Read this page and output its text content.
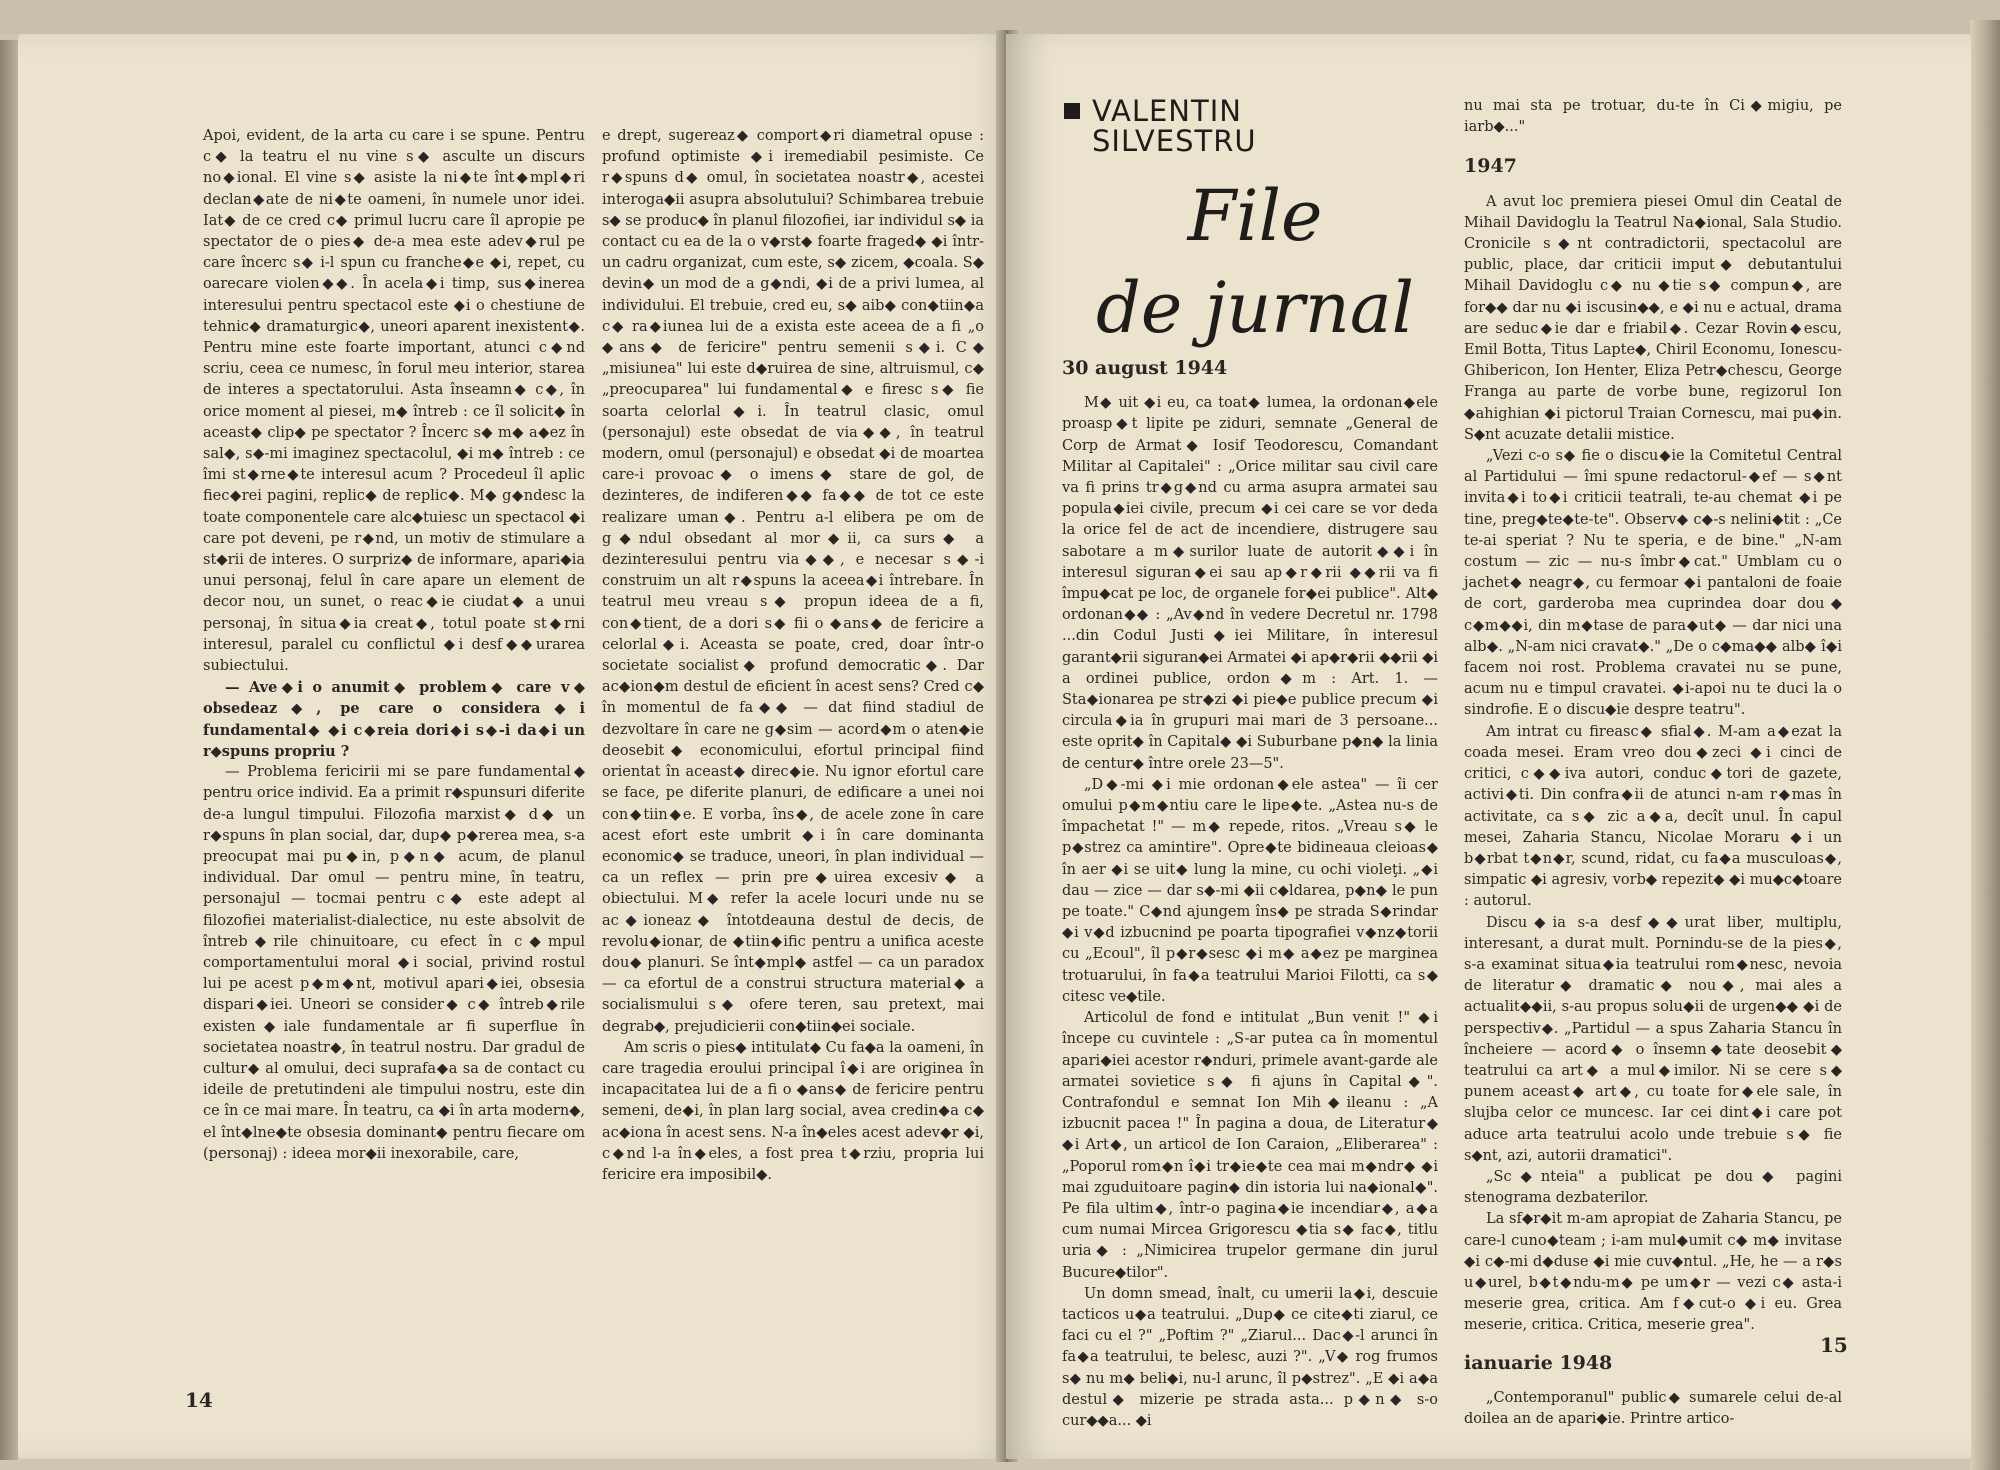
Apoi, evident, de la arta cu care i se spune. Pentru c◆ la teatru el nu vine s◆ asculte un discurs no◆ional. El vine s◆ asiste la ni◆te înt◆mpl◆ri declan◆ate de ni◆te oameni, în numele unor idei. Iat◆ de ce cred c◆ primul lucru care îl apropie pe spectator de o pies◆ de-a mea este adev◆rul pe care încerc s◆ i-l spun cu franche◆e ◆i, repet, cu oarecare violen◆◆. În acela◆i timp, sus◆inerea interesului pentru spectacol este ◆i o chestiune de tehnic◆ dramaturgic◆, uneori aparent inexistent◆. Pentru mine este foarte important, atunci c◆nd scriu, ceea ce numesc, în forul meu interior, starea de interes a spectatorului. Asta înseamn◆ c◆, în orice moment al piesei, m◆ întreb : ce îl solicit◆ în aceast◆ clip◆ pe spectator ? Încerc s◆ m◆ a◆ez în sal◆, s◆-mi imaginez spectacolul, ◆i m◆ întreb : ce îmi st◆rne◆te interesul acum ? Procedeul îl aplic fiec◆rei pagini, replic◆ de replic◆. M◆ g◆ndesc la toate componentele care alc◆tuiesc un spectacol ◆i care pot deveni, pe r◆nd, un motiv de stimulare a st◆rii de interes. O surpriz◆ de informare, apari◆ia unui personaj, felul în care apare un element de decor nou, un sunet, o reac◆ie ciudat◆ a unui personaj, în situa◆ia creat◆, totul poate st◆rni interesul, paralel cu conflictul ◆i desf◆◆urarea subiectului.

— Ave◆i o anumit◆ problem◆ care v◆ obsedeaz◆, pe care o considera◆i fundamental◆ ◆i c◆reia dori◆i s◆-i da◆i un r◆spuns propriu ?

— Problema fericirii mi se pare fundamental◆ pentru orice individ. Ea a primit r◆spunsuri diferite de-a lungul timpului. Filozofia marxist◆ d◆ un r◆spuns în plan social, dar, dup◆ p◆rerea mea, s-a preocupat mai pu◆in, p◆n◆ acum, de planul individual. Dar omul — pentru mine, în teatru, personajul — tocmai pentru c◆ este adept al filozofiei materialist-dialectice, nu este absolvit de întreb◆rile chinuitoare, cu efect în c◆mpul comportamentului moral ◆i social, privind rostul lui pe acest p◆m◆nt, motivul apari◆iei, obsesia dispari◆iei. Uneori se consider◆ c◆ întreb◆rile existen◆iale fundamentale ar fi superflue în societatea noastr◆, în teatrul nostru. Dar gradul de cultur◆ al omului, deci suprafa◆a sa de contact cu ideile de pretutindeni ale timpului nostru, este din ce în ce mai mare. În teatru, ca ◆i în arta modern◆, el înt◆lne◆te obsesia dominant◆ pentru fiecare om (personaj) : ideea mor◆ii inexorabile, care,

e drept, sugereaz◆ comport◆ri diametral opuse : profund optimiste ◆i iremediabil pesimiste. Ce r◆spuns d◆ omul, în societatea noastr◆, acestei interoga◆ii asupra absolutului? Schimbarea trebuie s◆ se produc◆ în planul filozofiei, iar individul s◆ ia contact cu ea de la o v◆rst◆ foarte fraged◆ ◆i într-un cadru organizat, cum este, s◆ zicem, ◆coala. S◆ devin◆ un mod de a g◆ndi, ◆i de a privi lumea, al individului. El trebuie, cred eu, s◆ aib◆ con◆tiin◆a c◆ ra◆iunea lui de a exista este aceea de a fi „o ◆ans◆ de fericire" pentru semenii s◆i. C◆ „misiunea" lui este d◆ruirea de sine, altruismul, c◆ „preocuparea" lui fundamental◆ e firesc s◆ fie soarta celorlal◆i. În teatrul clasic, omul (personajul) este obsedat de via◆◆, în teatrul modern, omul (personajul) e obsedat ◆i de moartea care-i provoac◆ o imens◆ stare de gol, de dezinteres, de indiferen◆◆ fa◆◆ de tot ce este realizare uman◆. Pentru a-l elibera pe om de g◆ndul obsedant al mor◆ii, ca surs◆ a dezinteresului pentru via◆◆, e necesar s◆-i construim un alt r◆spuns la aceea◆i întrebare. În teatrul meu vreau s◆ propun ideea de a fi, con◆tient, de a dori s◆ fii o ◆ans◆ de fericire a celorlal◆i. Aceasta se poate, cred, doar într-o societate socialist◆ profund democratic◆. Dar ac◆ion◆m destul de eficient în acest sens? Cred c◆ în momentul de fa◆◆ — dat fiind stadiul de dezvoltare în care ne g◆sim — acord◆m o aten◆ie deosebit◆ economicului, efortul principal fiind orientat în aceast◆ direc◆ie. Nu ignor efortul care se face, pe diferite planuri, de edificare a unei noi con◆tiin◆e. E vorba, îns◆, de acele zone în care acest efort este umbrit ◆i în care dominanta economic◆ se traduce, uneori, în plan individual — ca un reflex — prin pre◆uirea excesiv◆ a obiectului. M◆ refer la acele locuri unde nu se ac◆ioneaz◆ întotdeauna destul de decis, de revolu◆ionar, de ◆tiin◆ific pentru a unifica aceste dou◆ planuri. Se înt◆mpl◆ astfel — ca un paradox — ca efortul de a construi structura material◆ a socialismului s◆ ofere teren, sau pretext, mai degrab◆, prejudicierii con◆tiin◆ei sociale.

Am scris o pies◆ intitulat◆ Cu fa◆a la oameni, în care tragedia eroului principal î◆i are originea în incapacitatea lui de a fi o ◆ans◆ de fericire pentru semeni, de◆i, în plan larg social, avea credin◆a c◆ ac◆iona în acest sens. N-a în◆eles acest adev◆r ◆i, c◆nd l-a în◆eles, a fost prea t◆rziu, propria lui fericire era imposibil◆.

14
VALENTIN
SILVESTRU
File
de jurnal

30 august 1944

M◆ uit ◆i eu, ca toat◆ lumea, la ordonan◆ele proasp◆t lipite pe ziduri, semnate „General de Corp de Armat◆ Iosif Teodorescu, Comandant Militar al Capitalei" : „Orice militar sau civil care va fi prins tr◆g◆nd cu arma asupra armatei sau popula◆iei civile, precum ◆i cei care se vor deda la orice fel de act de incendiere, distrugere sau sabotare a m◆surilor luate de autorit◆◆i în interesul siguran◆ei sau ap◆r◆rii ◆◆rii va fi împu◆cat pe loc, de organele for◆ei publice". Alt◆ ordonan◆◆ : „Av◆nd în vedere Decretul nr. 1798 ...din Codul Justi◆iei Militare, în interesul garant◆rii siguran◆ei Armatei ◆i ap◆r◆rii ◆◆rii ◆i a ordinei publice, ordon◆m : Art. 1. — Sta◆ionarea pe str◆zi ◆i pie◆e publice precum ◆i circula◆ia în grupuri mai mari de 3 persoane... este oprit◆ în Capital◆ ◆i Suburbane p◆n◆ la linia de centur◆ între orele 23—5".

„D◆-mi ◆i mie ordonan◆ele astea" — îi cer omului p◆m◆ntiu care le lipe◆te. „Astea nu-s de împachetat !" — m◆ repede, ritos. „Vreau s◆ le p◆strez ca amintire". Opre◆te bidineaua cleioas◆ în aer ◆i se uit◆ lung la mine, cu ochi violeţi. „◆i dau — zice — dar s◆-mi ◆ii c◆ldarea, p◆n◆ le pun pe toate." C◆nd ajungem îns◆ pe strada S◆rindar ◆i v◆d izbucnind pe poarta tipografiei v◆nz◆torii cu „Ecoul", îl p◆r◆sesc ◆i m◆ a◆ez pe marginea trotuarului, în fa◆a teatrului Marioi Filotti, ca s◆ citesc ve◆tile.

Articolul de fond e intitulat „Bun venit !" ◆i începe cu cuvintele : „S-ar putea ca în momentul apari◆iei acestor r◆nduri, primele avant-garde ale armatei sovietice s◆ fi ajuns în Capital◆". Contrafondul e semnat Ion Mih◆ileanu : „A izbucnit pacea !" În pagina a doua, de Literatur◆ ◆i Art◆, un articol de Ion Caraion, „Eliberarea" : „Poporul rom◆n î◆i tr◆ie◆te cea mai m◆ndr◆ ◆i mai zguduitoare pagin◆ din istoria lui na◆ional◆". Pe fila ultim◆, într-o pagina◆ie incendiar◆, a◆a cum numai Mircea Grigorescu ◆tia s◆ fac◆, titlu uria◆ : „Nimicirea trupelor germane din jurul Bucure◆tilor".

Un domn smead, înalt, cu umerii la◆i, descuie tacticos u◆a teatrului. „Dup◆ ce cite◆ti ziarul, ce faci cu el ?" „Poftim ?" „Ziarul... Dac◆-l arunci în fa◆a teatrului, te belesc, auzi ?". „V◆ rog frumos s◆ nu m◆ beli◆i, nu-l arunc, îl p◆strez". „E ◆i a◆a destul◆ mizerie pe strada asta... p◆n◆ s-o cur◆◆a... ◆i

nu mai sta pe trotuar, du-te în Ci◆migiu, pe iarb◆..."

1947

A avut loc premiera piesei Omul din Ceatal de Mihail Davidoglu la Teatrul Na◆ional, Sala Studio. Cronicile s◆nt contradictorii, spectacolul are public, place, dar criticii imput◆ debutantului Mihail Davidoglu c◆ nu ◆tie s◆ compun◆, are for◆◆ dar nu ◆i iscusin◆◆, e ◆i nu e actual, drama are seduc◆ie dar e friabil◆. Cezar Rovin◆escu, Emil Botta, Titus Lapte◆, Chiril Economu, Ionescu-Ghibericon, Ion Henter, Eliza Petr◆chescu, George Franga au parte de vorbe bune, regizorul Ion ◆ahighian ◆i pictorul Traian Cornescu, mai pu◆in. S◆nt acuzate detalii mistice.

„Vezi c-o s◆ fie o discu◆ie la Comitetul Central al Partidului — îmi spune redactorul-◆ef — s◆nt invita◆i to◆i criticii teatrali, te-au chemat ◆i pe tine, preg◆te◆te-te". Observ◆ c◆-s nelini◆tit : „Ce te-ai speriat ? Nu te speria, e de bine." „N-am costum — zic — nu-s îmbr◆cat." Umblam cu o jachet◆ neagr◆, cu fermoar ◆i pantaloni de foaie de cort, garderoba mea cuprindea doar dou◆ c◆m◆◆i, din m◆tase de para◆ut◆ — dar nici una alb◆. „N-am nici cravat◆." „De o c◆ma◆◆ alb◆ î◆i facem noi rost. Problema cravatei nu se pune, acum nu e timpul cravatei. ◆i-apoi nu te duci la o sindrofie. E o discu◆ie despre teatru".

Am intrat cu fireasc◆ sfial◆. M-am a◆ezat la coada mesei. Eram vreo dou◆zeci ◆i cinci de critici, c◆◆iva autori, conduc◆tori de gazete, activi◆ti. Din confra◆ii de atunci n-am r◆mas în activitate, ca s◆ zic a◆a, decît unul. În capul mesei, Zaharia Stancu, Nicolae Moraru ◆i un b◆rbat t◆n◆r, scund, ridat, cu fa◆a musculoas◆, simpatic ◆i agresiv, vorb◆ repezit◆ ◆i mu◆c◆toare : autorul.

Discu◆ia s-a desf◆◆urat liber, multiplu, interesant, a durat mult. Pornindu-se de la pies◆, s-a examinat situa◆ia teatrului rom◆nesc, nevoia de literatur◆ dramatic◆ nou◆, mai ales a actualit◆◆ii, s-au propus solu◆ii de urgen◆◆ ◆i de perspectiv◆. „Partidul — a spus Zaharia Stancu în încheiere — acord◆ o însemn◆tate deosebit◆ teatrului ca art◆ a mul◆imilor. Ni se cere s◆ punem aceast◆ art◆, cu toate for◆ele sale, în slujba celor ce muncesc. Iar cei dint◆i care pot aduce arta teatrului acolo unde trebuie s◆ fie s◆nt, azi, autorii dramatici".

„Sc◆nteia" a publicat pe dou◆ pagini stenograma dezbaterilor.

La sf◆r◆it m-am apropiat de Zaharia Stancu, pe care-l cuno◆team ; i-am mul◆umit c◆ m◆ invitase ◆i c◆-mi d◆duse ◆i mie cuv◆ntul. „He, he — a r◆s u◆urel, b◆t◆ndu-m◆ pe um◆r — vezi c◆ asta-i meserie grea, critica. Am f◆cut-o ◆i eu. Grea meserie, critica. Critica, meserie grea".

ianuarie 1948

„Contemporanul" public◆ sumarele celui de-al doilea an de apari◆ie. Printre artico-

15
